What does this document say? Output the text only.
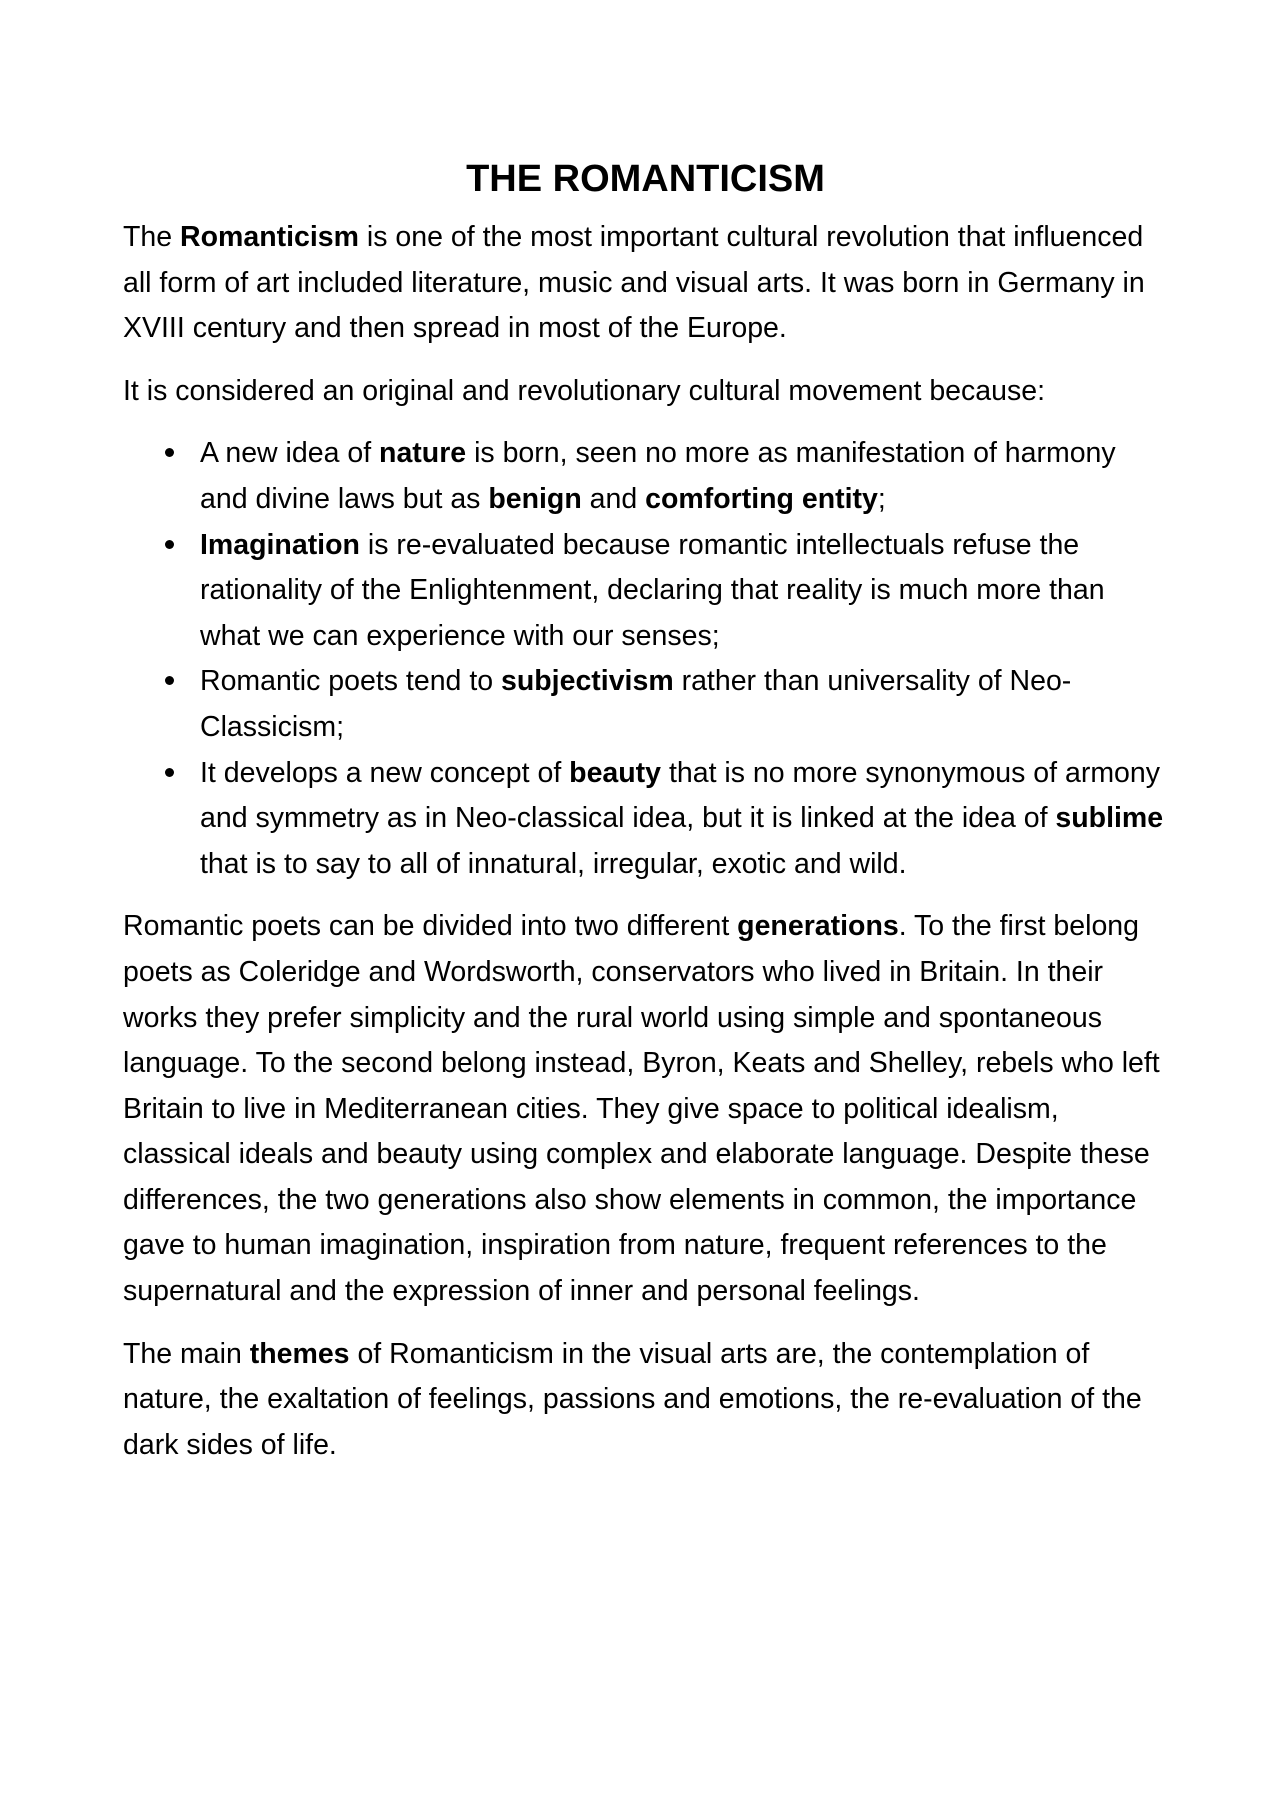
THE ROMANTICISM

The Romanticism is one of the most important cultural revolution that influenced all form of art included literature, music and visual arts. It was born in Germany in XVIII century and then spread in most of the Europe.

It is considered an original and revolutionary cultural movement because:

A new idea of nature is born, seen no more as manifestation of harmony and divine laws but as benign and comforting entity;
Imagination is re-evaluated because romantic intellectuals refuse the rationality of the Enlightenment, declaring that reality is much more than what we can experience with our senses;
Romantic poets tend to subjectivism rather than universality of Neo-Classicism;
It develops a new concept of beauty that is no more synonymous of armony and symmetry as in Neo-classical idea, but it is linked at the idea of sublime that is to say to all of innatural, irregular, exotic and wild.

Romantic poets can be divided into two different generations. To the first belong poets as Coleridge and Wordsworth, conservators who lived in Britain. In their works they prefer simplicity and the rural world using simple and spontaneous language. To the second belong instead, Byron, Keats and Shelley, rebels who left Britain to live in Mediterranean cities. They give space to political idealism, classical ideals and beauty using complex and elaborate language. Despite these differences, the two generations also show elements in common, the importance gave to human imagination, inspiration from nature, frequent references to the supernatural and the expression of inner and personal feelings.

The main themes of Romanticism in the visual arts are, the contemplation of nature, the exaltation of feelings, passions and emotions, the re-evaluation of the dark sides of life.
